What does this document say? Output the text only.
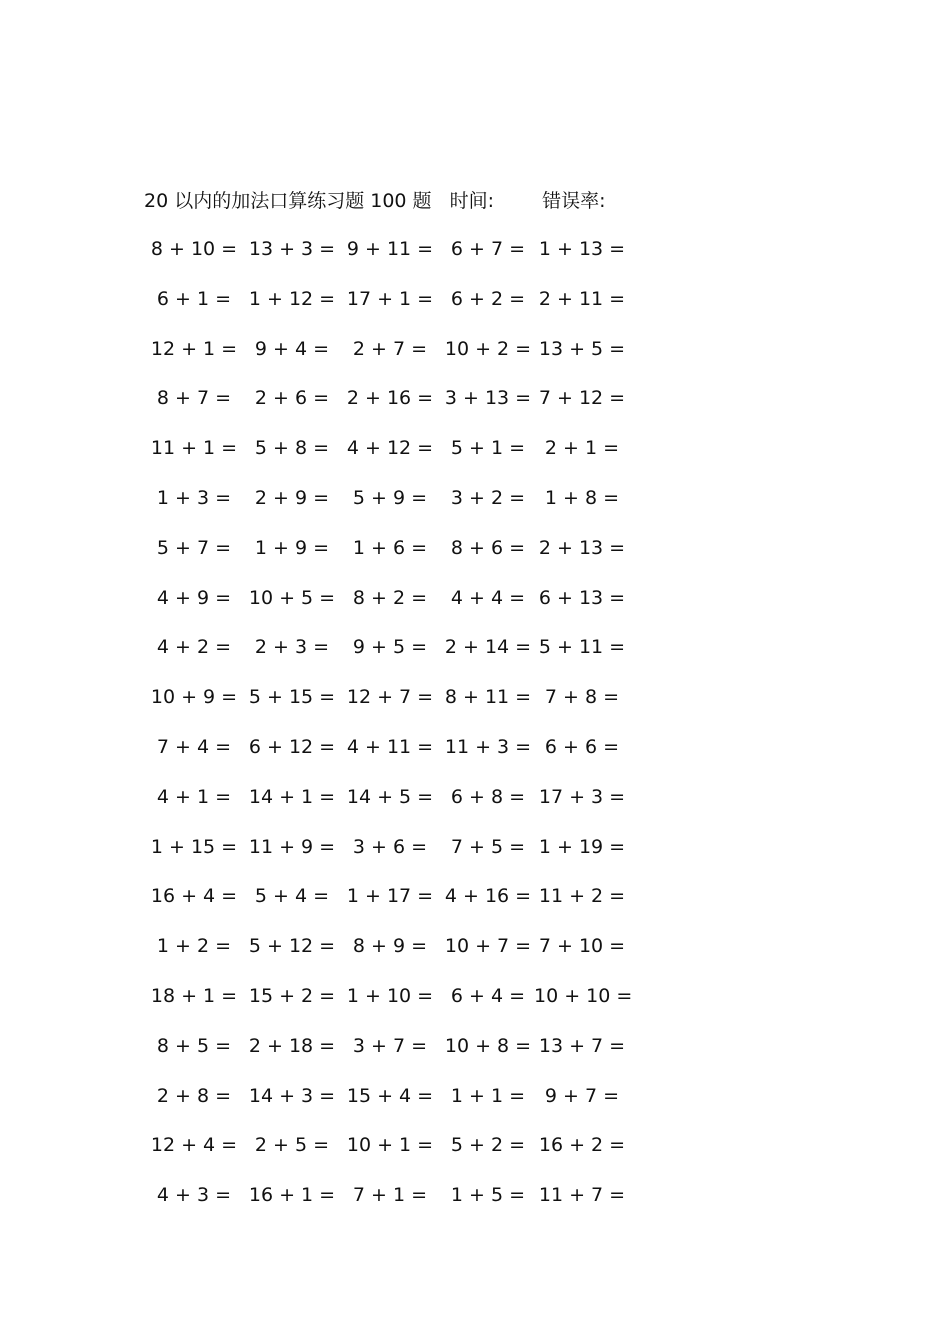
20 以内的加法口算练习题 100 题 时间:	错误率:
8 + 10 = 13 + 3 = 9 + 11 = 6 + 7 = 1 + 13 =
6 + 1 = 1 + 12 = 17 + 1 = 6 + 2 = 2 + 11 =
12 + 1 = 9 + 4 =	2 + 7 = 10 + 2 = 13 + 5 =
8 + 7 =	2 + 6 = 2 + 16 = 3 + 13 = 7 + 12 =
11 + 1 = 5 + 8 = 4 + 12 = 5 + 1 =	2 + 1 =
1 + 3 =	2 + 9 =	5 + 9 =	3 + 2 =	1 + 8 =
5 + 7 =	1 + 9 =	1 + 6 =	8 + 6 = 2 + 13 =
4 + 9 = 10 + 5 = 8 + 2 =	4 + 4 = 6 + 13 =
4 + 2 =	2 + 3 =	9 + 5 = 2 + 14 = 5 + 11 =
10 + 9 = 5 + 15 = 12 + 7 = 8 + 11 = 7 + 8 =
7 + 4 = 6 + 12 = 4 + 11 = 11 + 3 = 6 + 6 =
4 + 1 = 14 + 1 = 14 + 5 = 6 + 8 = 17 + 3 =
1 + 15 = 11 + 9 = 3 + 6 =	7 + 5 = 1 + 19 =
16 + 4 = 5 + 4 = 1 + 17 = 4 + 16 = 11 + 2 =
1 + 2 = 5 + 12 = 8 + 9 = 10 + 7 = 7 + 10 =
18 + 1 = 15 + 2 = 1 + 10 = 6 + 4 = 10 + 10 =
8 + 5 = 2 + 18 = 3 + 7 = 10 + 8 = 13 + 7 =
2 + 8 = 14 + 3 = 15 + 4 = 1 + 1 =	9 + 7 =
12 + 4 = 2 + 5 = 10 + 1 = 5 + 2 = 16 + 2 =
4 + 3 = 16 + 1 = 7 + 1 =	1 + 5 = 11 + 7 =
